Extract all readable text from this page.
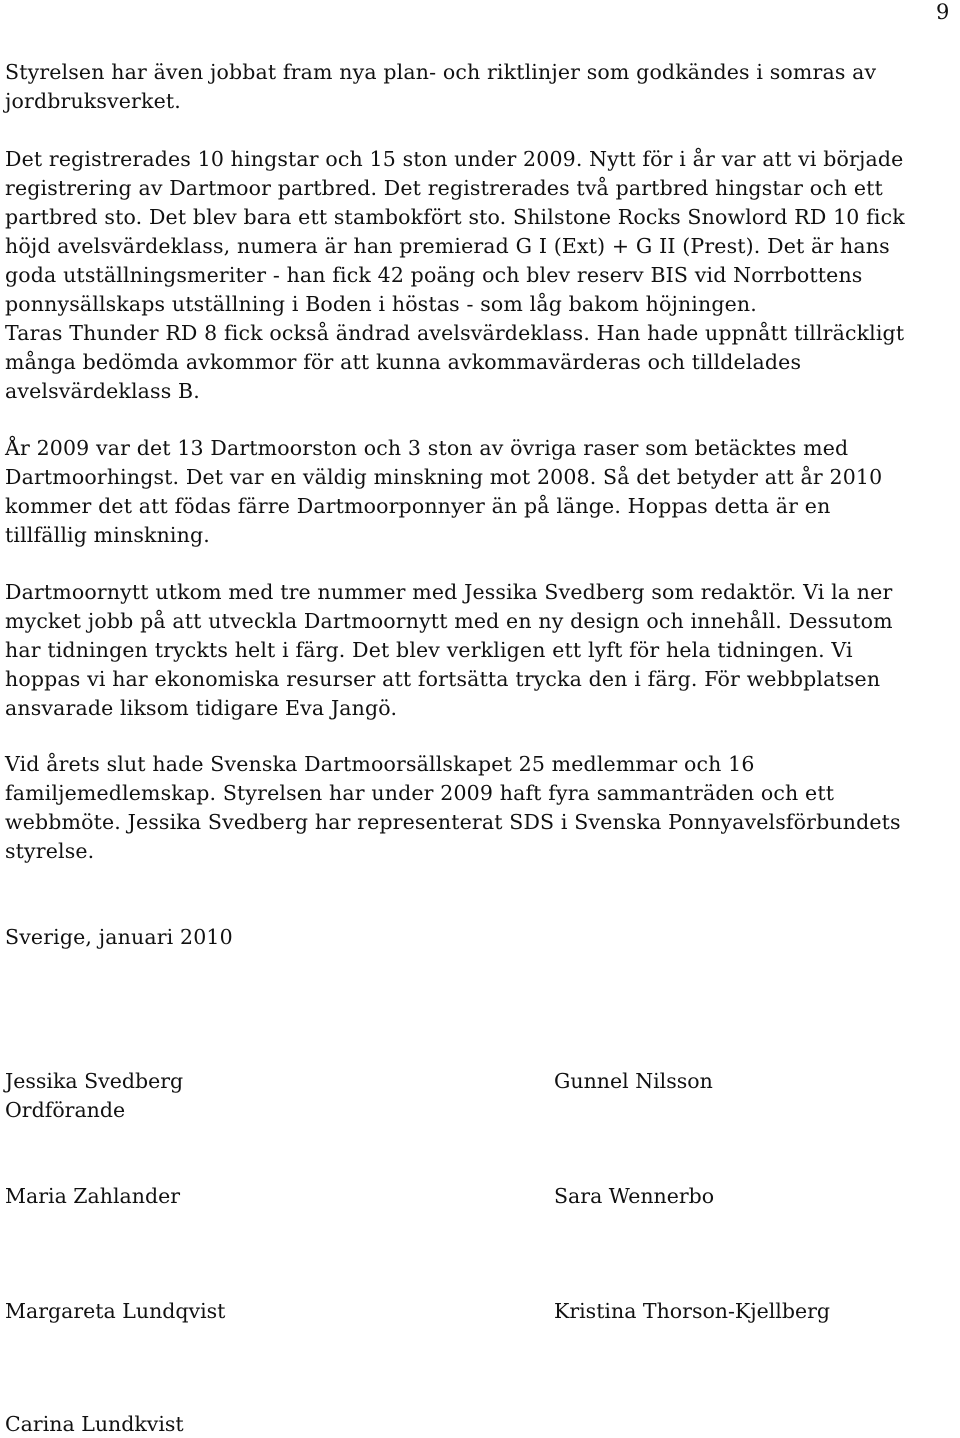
9
Styrelsen har även jobbat fram nya plan- och riktlinjer som godkändes i somras av
jordbruksverket.
Det registrerades 10 hingstar och 15 ston under 2009. Nytt för i år var att vi började
registrering av Dartmoor partbred. Det registrerades två partbred hingstar och ett
partbred sto. Det blev bara ett stambokfört sto. Shilstone Rocks Snowlord RD 10 fick
höjd avelsvärdeklass, numera är han premierad G I (Ext) + G II (Prest). Det är hans
goda utställningsmeriter - han fick 42 poäng och blev reserv BIS vid Norrbottens
ponnysällskaps utställning i Boden i höstas - som låg bakom höjningen.
Taras Thunder RD 8 fick också ändrad avelsvärdeklass. Han hade uppnått tillräckligt
många bedömda avkommor för att kunna avkommavärderas och tilldelades
avelsvärdeklass B.
År 2009 var det 13 Dartmoorston och 3 ston av övriga raser som betäcktes med
Dartmoorhingst. Det var en väldig minskning mot 2008. Så det betyder att år 2010
kommer det att födas färre Dartmoorponnyer än på länge. Hoppas detta är en
tillfällig minskning.
Dartmoornytt utkom med tre nummer med Jessika Svedberg som redaktör. Vi la ner
mycket jobb på att utveckla Dartmoornytt med en ny design och innehåll. Dessutom
har tidningen tryckts helt i färg. Det blev verkligen ett lyft för hela tidningen. Vi
hoppas vi har ekonomiska resurser att fortsätta trycka den i färg. För webbplatsen
ansvarade liksom tidigare Eva Jangö.
Vid årets slut hade Svenska Dartmoorsällskapet 25 medlemmar och 16
familjemedlemskap. Styrelsen har under 2009 haft fyra sammanträden och ett
webbmöte. Jessika Svedberg har representerat SDS i Svenska Ponnyavelsförbundets
styrelse.
Sverige, januari 2010
Jessika Svedberg
Ordförande
Gunnel Nilsson
Maria Zahlander	Sara Wennerbo
Margareta Lundqvist	Kristina Thorson-Kjellberg
Carina Lundkvist
